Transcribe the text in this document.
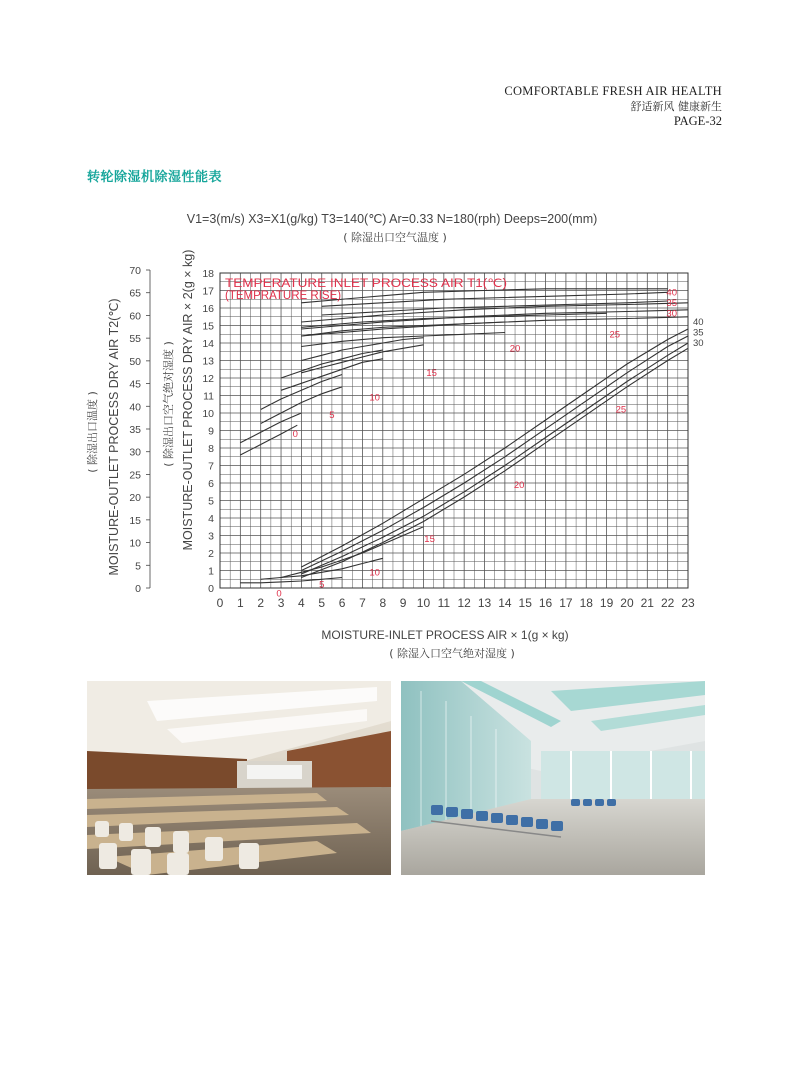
COMFORTABLE FRESH AIR HEALTH
舒适新风 健康新生
PAGE-32
转轮除湿机除湿性能表
V1=3(m/s) X3=X1(g/kg) T3=140(℃) Ar=0.33 N=180(rph) Deeps=200(mm)
( 除湿出口空气温度 )
0
5
10
15
20
25
30
35
40
0
5
10
15
20
25
40
35
30
0 1 2 3 4 5 6 7 8 9 10 11 12 13 14 15 16 17 18 19 20 21 22 23
0
1
2
3
4
5
6
7
8
9
10
11
12
13
14
15
16
17
18
0
5
10
15
20
25
30
35
40
45
50
55
60
65
70
TEMPERATURE INLET PROCESS AIR T1(℃)
(TEMPRATURE RISE)
MOISTURE-INLET PROCESS AIR × 1(g × kg)
( 除湿入口空气绝对湿度 )
MOISTURE-OUTLET PROCESS DRY AIR T2(℃)
( 除湿出口温度 )	MOISTURE-OUTLET PROCESS DRY AIR × 2(g × kg)
( 除湿出口空气绝对湿度 )
